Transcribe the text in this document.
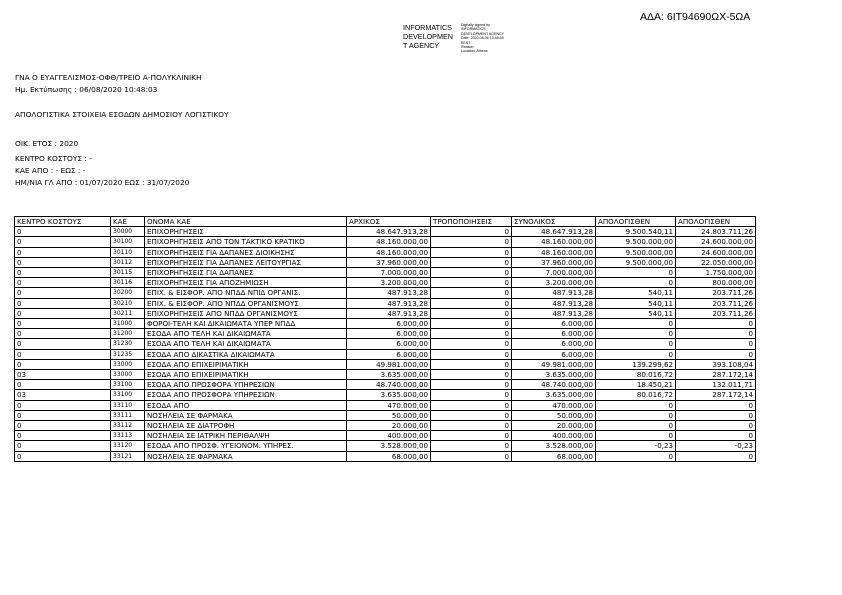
ΑΔΑ: 6ΙΤ94690ΩΧ-5ΩΑ
INFORMATICS
DEVELOPMEN
T AGENCY
Digitally signed by
INFORMATICS
DEVELOPMENT AGENCY
Date: 2020.08.06 13:48:49
EEST
Reason:
Location: Athens
ΓΝΑ Ο ΕΥΑΓΓΕΛΙΣΜΟΣ-ΟΦΘ/ΤΡΕΙΟ Α-ΠΟΛΥΚΛΙΝΙΚΗ
Ημ. Εκτύπωσης : 06/08/2020 10:48:03
ΑΠΟΛΟΓΙΣΤΙΚΑ ΣΤΟΙΧΕΙΑ ΕΣΟΔΩΝ ΔΗΜΟΣΙΟΥ ΛΟΓΙΣΤΙΚΟΥ
ΟΙΚ. ΕΤΟΣ : 2020
ΚΕΝΤΡΟ ΚΟΣΤΟΥΣ : -
ΚΑΕ ΑΠΟ : - ΕΩΣ : -
ΗΜ/ΝΙΑ ΓΛ ΑΠΟ : 01/07/2020 ΕΩΣ : 31/07/2020
ΚΕΝΤΡΟ ΚΟΣΤΟΥΣ	ΚΑΕ	ΟΝΟΜΑ ΚΑΕ	ΑΡΧΙΚΟΣ	ΤΡΟΠΟΠΟΙΗΣΕΙΣ	ΣΥΝΟΛΙΚΟΣ	ΑΠΟΛΟΓΙΣΘΕΝ	ΑΠΟΛΟΓΙΣΘΕΝ
0	30000	ΕΠΙΧΟΡΗΓΗΣΕΙΣ	48.647.913,28	0	48.647.913,28	9.500.540,11	24.803.711,26
0	30100	ΕΠΙΧΟΡΗΓΗΣΕΙΣ ΑΠΟ ΤΟΝ ΤΑΚΤΙΚΟ ΚΡΑΤΙΚΟ	48.160.000,00	0	48.160.000,00	9.500.000,00	24.600.000,00
0	30110	ΕΠΙΧΟΡΗΓΗΣΕΙΣ ΓΙΑ ΔΑΠΑΝΕΣ ΔΙΟΙΚΗΣΗΣ	48.160.000,00	0	48.160.000,00	9.500.000,00	24.600.000,00
0	30112	ΕΠΙΧΟΡΗΓΗΣΕΙΣ ΓΙΑ ΔΑΠΑΝΕΣ ΛΕΙΤΟΥΡΓΙΑΣ	37.960.000,00	0	37.960.000,00	9.500.000,00	22.050.000,00
0	30115	ΕΠΙΧΟΡΗΓΗΣΕΙΣ ΓΙΑ ΔΑΠΑΝΕΣ	7.000.000,00	0	7.000.000,00	0	1.750.000,00
0	30116	ΕΠΙΧΟΡΗΓΗΣΕΙΣ ΓΙΑ ΑΠΟΖΗΜΙΩΣΗ	3.200.000,00	0	3.200.000,00	0	800.000,00
0	30200	ΕΠΙΧ. & ΕΙΣΦΟΡ. ΑΠΟ ΝΠΔΔ ΝΠΙΔ ΟΡΓΑΝΙΣ.	487.913,28	0	487.913,28	540,11	203.711,26
0	30210	ΕΠΙΧ. & ΕΙΣΦΟΡ. ΑΠΟ ΝΠΔΔ ΟΡΓΑΝΙΣΜΟΥΣ	487.913,28	0	487.913,28	540,11	203.711,26
0	30211	ΕΠΙΧΟΡΗΓΗΣΕΙΣ ΑΠΟ ΝΠΔΔ ΟΡΓΑΝΙΣΜΟΥΣ	487.913,28	0	487.913,28	540,11	203.711,26
0	31000	ΦΟΡΟΙ-ΤΕΛΗ ΚΑΙ ΔΙΚΑΙΩΜΑΤΑ ΥΠΕΡ ΝΠΔΔ	6.000,00	0	6.000,00	0	0
0	31200	ΕΣΟΔΑ ΑΠΟ ΤΕΛΗ ΚΑΙ ΔΙΚΑΙΩΜΑΤΑ	6.000,00	0	6.000,00	0	0
0	31230	ΕΣΟΔΑ ΑΠΟ ΤΕΛΗ ΚΑΙ ΔΙΚΑΙΩΜΑΤΑ	6.000,00	0	6.000,00	0	0
0	31235	ΕΣΟΔΑ ΑΠΟ ΔΙΚΑΣΤΙΚΑ ΔΙΚΑΙΩΜΑΤΑ	6.000,00	0	6.000,00	0	0
0	33000	ΕΣΟΔΑ ΑΠΟ ΕΠΙΧΕΙΡΙΜΑΤΙΚΗ	49.981.000,00	0	49.981.000,00	139.299,62	393.108,04
03	33000	ΕΣΟΔΑ ΑΠΟ ΕΠΙΧΕΙΡΙΜΑΤΙΚΗ	3.635.000,00	0	3.635.000,00	80.016,72	287.172,14
0	33100	ΕΣΟΔΑ ΑΠΟ ΠΡΟΣΦΟΡΑ ΥΠΗΡΕΣΙΩΝ	48.740.000,00	0	48.740.000,00	18.450,21	132.011,71
03	33100	ΕΣΟΔΑ ΑΠΟ ΠΡΟΣΦΟΡΑ ΥΠΗΡΕΣΙΩΝ	3.635.000,00	0	3.635.000,00	80.016,72	287.172,14
0	33110	ΕΣΟΔΑ ΑΠΟ	470.000,00	0	470.000,00	0	0
0	33111	ΝΟΣΗΛΕΙΑ ΣΕ ΦΑΡΜΑΚΑ	50.000,00	0	50.000,00	0	0
0	33112	ΝΟΣΗΛΕΙΑ ΣΕ ΔΙΑΤΡΟΦΗ	20.000,00	0	20.000,00	0	0
0	33113	ΝΟΣΗΛΕΙΑ ΣΕ ΙΑΤΡΙΚΗ ΠΕΡΙΘΑΛΨΗ	400.000,00	0	400.000,00	0	0
0	33120	ΕΣΟΔΑ ΑΠΟ ΠΡΟΣΦ. ΥΓΕΙΟΝΟΜ. ΥΠΗΡΕΣ.	3.528.000,00	0	3.528.000,00	-0,23	-0,23
0	33121	ΝΟΣΗΛΕΙΑ ΣΕ ΦΑΡΜΑΚΑ	68.000,00	0	68.000,00	0	0
